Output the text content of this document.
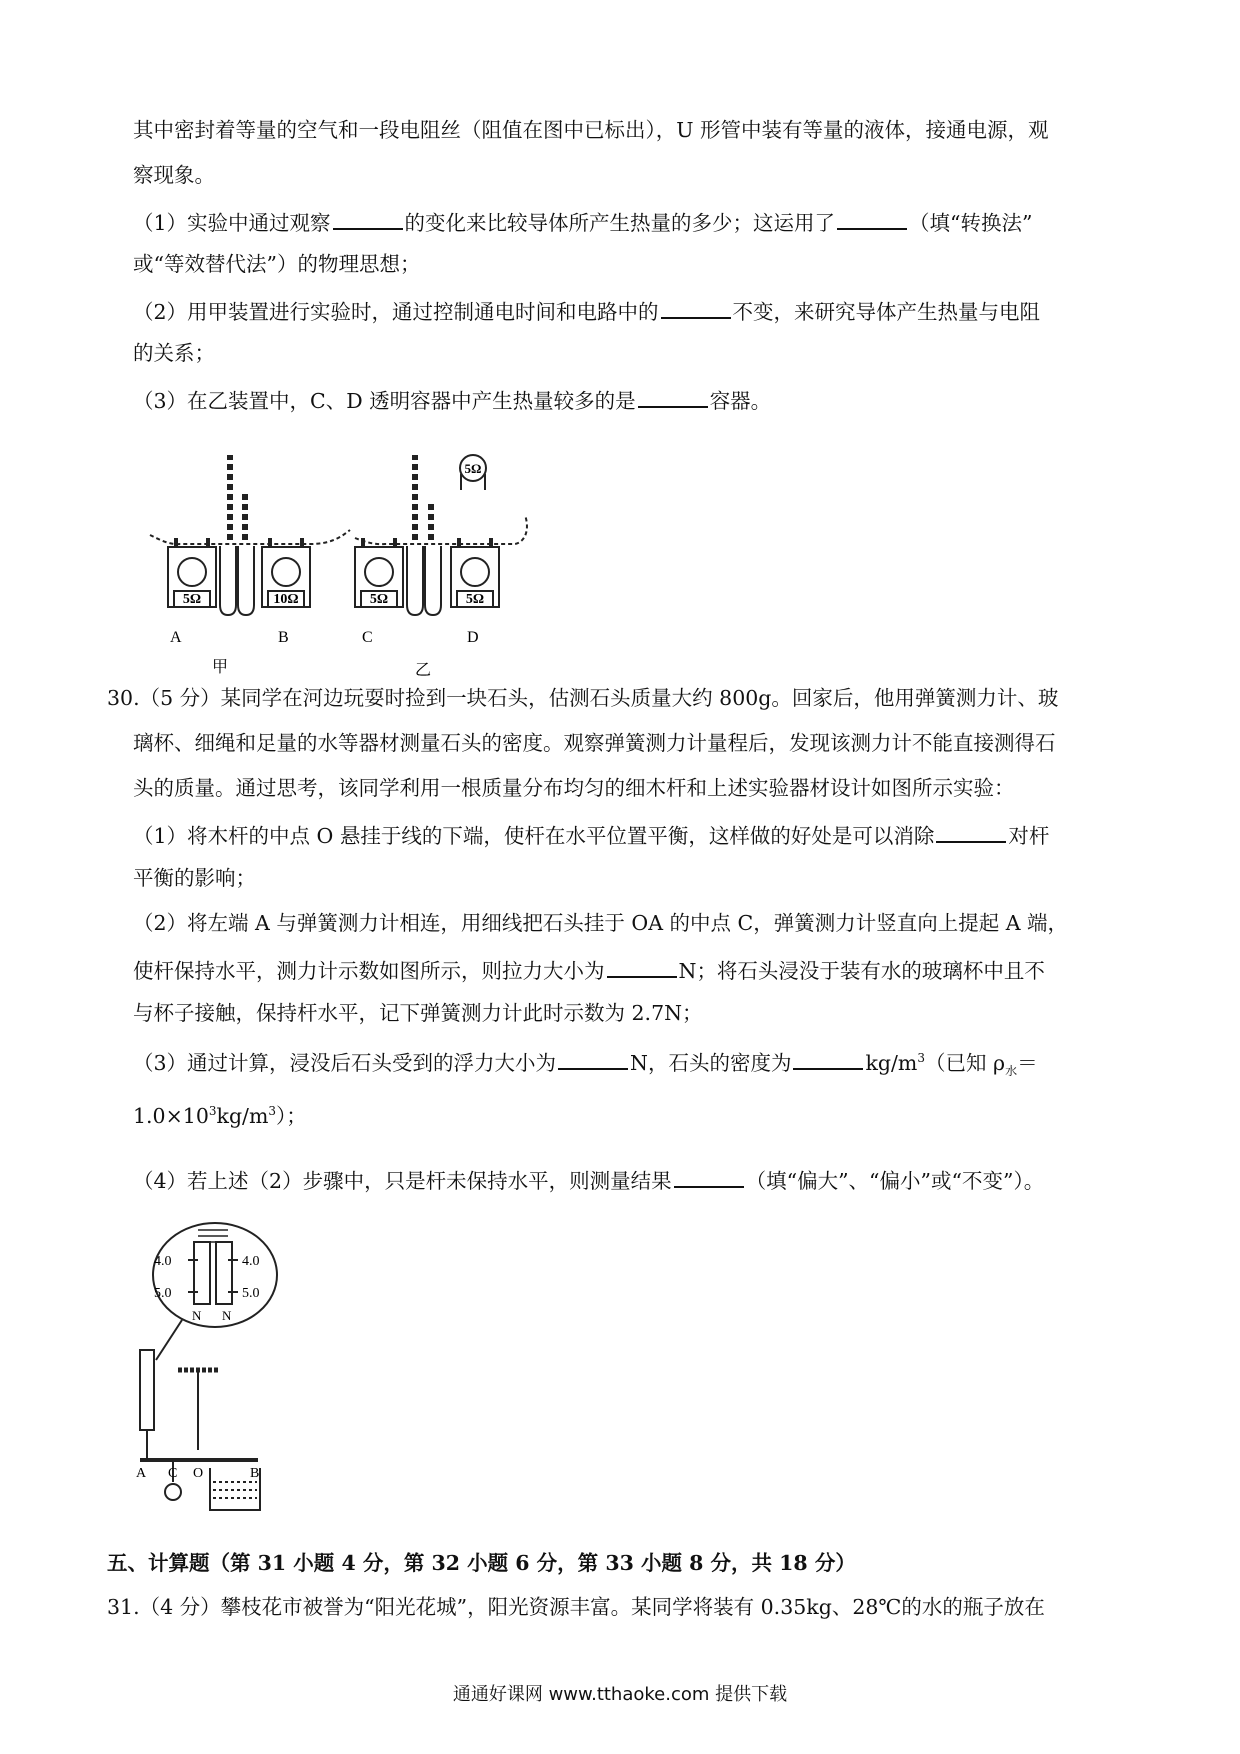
其中密封着等量的空气和一段电阻丝（阻值在图中已标出），U 形管中装有等量的液体，接通电源，观
察现象。
（1）实验中通过观察	的变化来比较导体所产生热量的多少；这运用了	（填“转换法”
或“等效替代法”）的物理思想；
（2）用甲装置进行实验时，通过控制通电时间和电路中的	不变，来研究导体产生热量与电阻
的关系；
（3）在乙装置中，C、D 透明容器中产生热量较多的是	容器。
5Ω	10Ω
A	B
甲
5Ω	5Ω
5Ω
C	D
乙
30.（5 分）某同学在河边玩耍时捡到一块石头，估测石头质量大约 800g。回家后，他用弹簧测力计、玻
璃杯、细绳和足量的水等器材测量石头的密度。观察弹簧测力计量程后，发现该测力计不能直接测得石
头的质量。通过思考，该同学利用一根质量分布均匀的细木杆和上述实验器材设计如图所示实验：
（1）将木杆的中点 O 悬挂于线的下端，使杆在水平位置平衡，这样做的好处是可以消除	对杆
平衡的影响；
（2）将左端 A 与弹簧测力计相连，用细线把石头挂于 OA 的中点 C，弹簧测力计竖直向上提起 A 端，
使杆保持水平，测力计示数如图所示，则拉力大小为	N；将石头浸没于装有水的玻璃杯中且不
与杯子接触，保持杆水平，记下弹簧测力计此时示数为 2.7N；
（3）通过计算，浸没后石头受到的浮力大小为	N，石头的密度为	$kg/m^3$（已知 $\rho_水=$
$1.0\times 10^3kg/m^3$）；
（4）若上述（2）步骤中，只是杆未保持水平，则测量结果	（填“偏大”、“偏小”或“不变”）。
4.0	4.0
5.0	5.0
N N
A C O	B
五、计算题（第 31 小题 4 分，第 32 小题 6 分，第 33 小题 8 分，共 18 分）
31.（4 分）攀枝花市被誉为“阳光花城”，阳光资源丰富。某同学将装有 0.35kg、28℃的水的瓶子放在
通通好课网 www.tthaoke.com 提供下载
